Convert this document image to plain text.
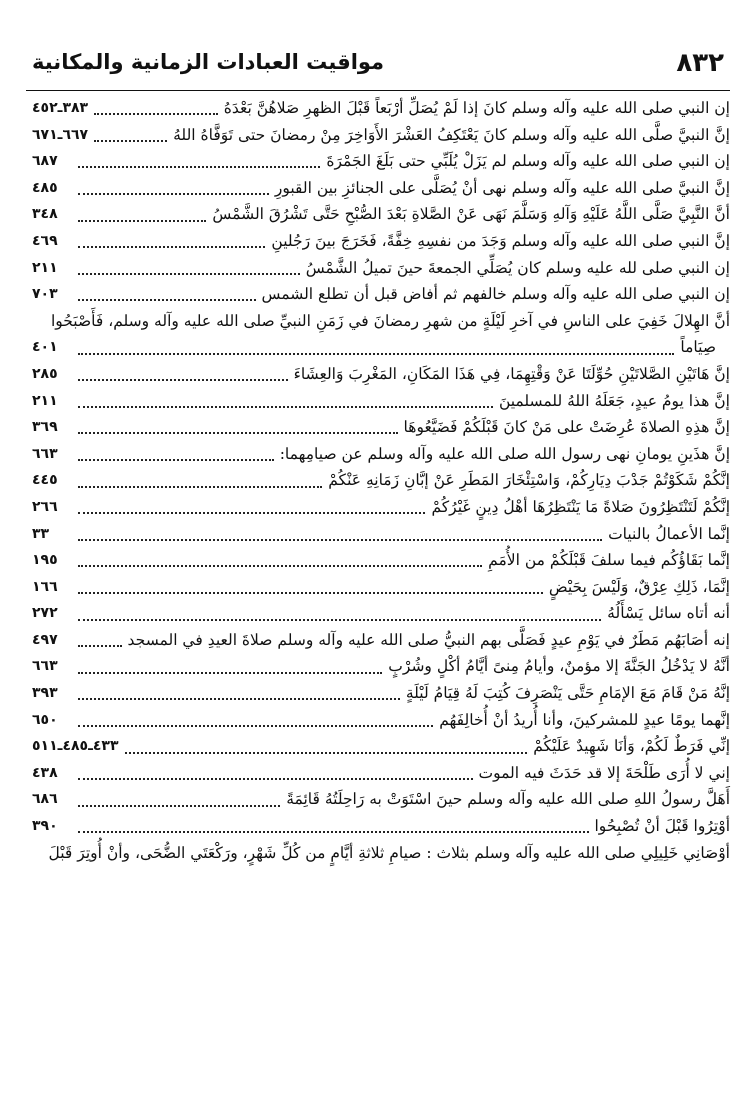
٨٣٢
مواقيت العبادات الزمانية والمكانية
إن النبي صلى الله عليه وآله وسلم كانَ إذا لَمْ يُصَلِّ أرْبَعاً قَبْلَ الظهرِ صَلاهُنَّ بَعْدَهُ
٣٨٣ـ٤٥٢
إنَّ النبيَّ صلَّى الله عليه وآله وسلم كانَ يَعْتَكِفُ العَشْرَ الأَوَاخِرَ مِنْ رمضانَ حتى تَوَفَّاهُ اللهُ
٦٦٧ـ٦٧١
إن النبي صلى الله عليه وآله وسلم لم يَزَلْ يُلَبِّي حتى بَلَغَ الجَمْرَةَ
٦٨٧
إنَّ النبيَّ صلى الله عليه وآله وسلم نهى أنْ يُصَلَّى على الجنائزِ بين القبورِ
٤٨٥
أنَّ النَّبِيَّ صَلَّى اللَّهُ عَلَيْهِ وَآلهِ وَسَلَّمَ نَهَى عَنْ الصَّلاةِ بَعْدَ الصُّبْحِ حَتَّى تَشْرُقَ الشَّمْسُ
٣٤٨
إنَّ النبي صلى الله عليه وآله وسلم وَجَدَ من نفسِهِ خِفَّةً، فَخَرَجَ بينَ رَجُلينِ
٤٦٩
إن النبي صلى لله عليه وسلم كان يُصَلِّي الجمعةَ حينَ تميلُ الشَّمْسُ
٢١١
إن النبي صلى الله عليه وآله وسلم خالفهم ثم أفاض قبل أن تطلع الشمس
٧٠٣
أنَّ الهِلالَ خَفِيَ على الناسِ في آخرِ لَيْلَةٍ من شهرِ رمضانَ في زَمَنِ النبيِّ صلى الله عليه وآله وسلم، فَأَصْبَحُوا
صِيَاماً
٤٠١
إنَّ هَاتَيْنِ الصَّلاتَيْنِ حُوِّلَتَا عَنْ وَقْتِهِمَا، فِي هَذَا المَكَانِ، المَغْرِبَ وَالعِشَاءَ
٢٨٥
إنَّ هذا يومُ عيدٍ، جَعَلَهُ اللهُ للمسلمينَ
٢١١
إنَّ هذِهِ الصلاةَ عُرِضَتْ على مَنْ كانَ قَبْلَكُمْ فَضَيَّعُوهَا
٣٦٩
إنَّ هذَينِ يومانِ نهى رسول الله صلى الله عليه وآله وسلم عن صيامِهما:
٦٦٣
إنَّكُمْ شَكَوْتُمْ جَدْبَ دِيَارِكُمْ، وَاسْتِئْخَارَ المَطَرِ عَنْ إبَّانِ زَمَانِهِ عَنْكُمْ
٤٤٥
إنَّكُمْ لَتَنْتَظِرُونَ صَلاةً مَا يَنْتَظِرُهَا أهْلُ دِينٍ غَيْرُكُمْ
٢٦٦
إنَّما الأعمالُ بالنيات
٣٣
إنَّما بَقَاؤُكُم فيما سلفَ قَبْلَكُمْ من الأُمَمِ
١٩٥
إنَّمَا، ذَلِكِ عِرْقٌ، وَلَيْسَ بِحَيْضٍ
١٦٦
أنه أتاه سائل يَسْأَلُهُ
٢٧٢
إنه أصَابَهُم مَطَرٌ في يَوْمِ عيدٍ فَصَلَّى بهم النبيُّ صلى الله عليه وآله وسلم صلاةَ العيدِ في المسجد
٤٩٧
أنَّهُ لا يَدْخُلُ الجَنَّةَ إلا مؤمنٌ، وأيامُ مِنىً أيَّامُ أكْلٍ وشُرْبٍ
٦٦٣
إنَّهُ مَنْ قَامَ مَعَ الإمَامِ حَتَّى يَنْصَرِفَ كُتِبَ لَهُ قِيَامُ لَيْلَةٍ
٣٩٣
إنَّهما يومًا عيدٍ للمشركينَ، وأنا أُريدُ أنْ أُخالِفَهُم
٦٥٠
إنِّي فَرَطٌ لَكُمْ، وَأنَا شَهِيدٌ عَلَيْكُمْ
٤٣٣ـ٤٨٥ـ٥١١
إني لا أُرَى طَلْحَةَ إلا قد حَدَثَ فيه الموت
٤٣٨
أَهَلَّ رسولُ اللهِ صلى الله عليه وآله وسلم حينَ اسْتَوَتْ به رَاحِلَتُهُ قَائِمَةً
٦٨٦
أوْتِرُوا قَبْلَ أنْ تُصْبِحُوا
٣٩٠
أوْصَانِي خَلِيلِي صلى الله عليه وآله وسلم بثلاث : صيامِ ثلاثةِ أيَّامٍ من كُلِّ شَهْرٍ، ورَكْعَتَي الضُّحَى، وأنْ أُوتِرَ قَبْلَ
